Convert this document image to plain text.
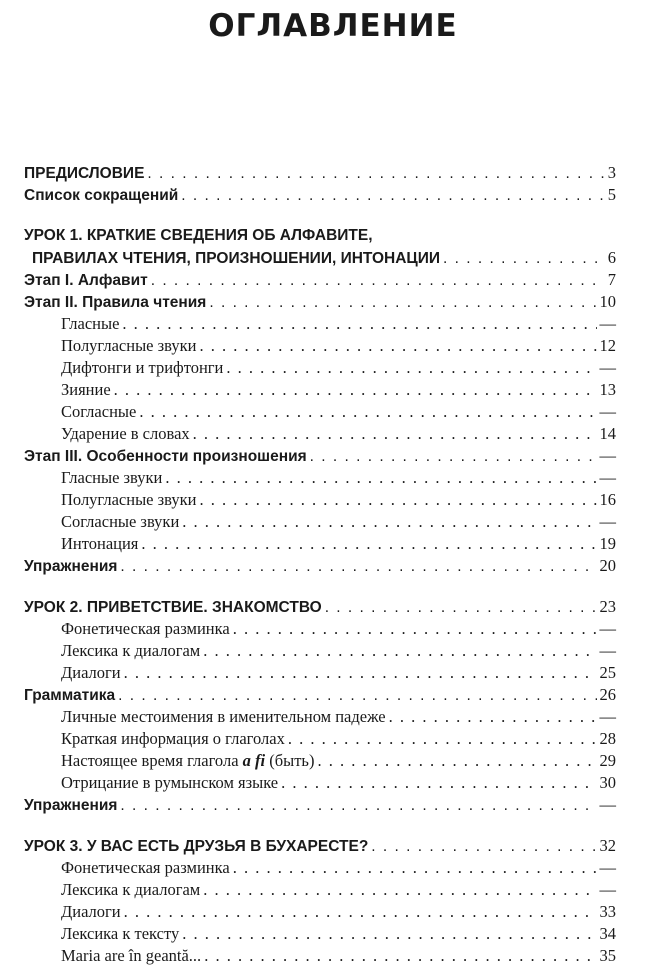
ОГЛАВЛЕНИЕ
ПРЕДИСЛОВИЕ . . .	3
Список сокращений . . .	5
УРОК 1. КРАТКИЕ СВЕДЕНИЯ ОБ АЛФАВИТЕ,
ПРАВИЛАХ ЧТЕНИЯ, ПРОИЗНОШЕНИИ, ИНТОНАЦИИ . . .	6
Этап I. Алфавит . . .	7
Этап II. Правила чтения . . .	10
Гласные . . .	—
Полугласные звуки . . .	12
Дифтонги и трифтонги . . .	—
Зияние . . .	13
Согласные . . .	—
Ударение в словах . . .	14
Этап III. Особенности произношения . . .	—
Гласные звуки . . .	—
Полугласные звуки . . .	16
Согласные звуки . . .	—
Интонация . . .	19
Упражнения . . .	20
УРОК 2. ПРИВЕТСТВИЕ. ЗНАКОМСТВО . . .	23
Фонетическая разминка . . .	—
Лексика к диалогам . . .	—
Диалоги . . .	25
Грамматика . . .	26
Личные местоимения в именительном падеже . . .	—
Краткая информация о глаголах . . .	28
Настоящее время глагола a fi (быть) . . .	29
Отрицание в румынском языке . . .	30
Упражнения . . .	—
УРОК 3. У ВАС ЕСТЬ ДРУЗЬЯ В БУХАРЕСТЕ? . . .	32
Фонетическая разминка . . .	—
Лексика к диалогам . . .	—
Диалоги . . .	33
Лексика к тексту . . .	34
Maria are în geantă... . . .	35
